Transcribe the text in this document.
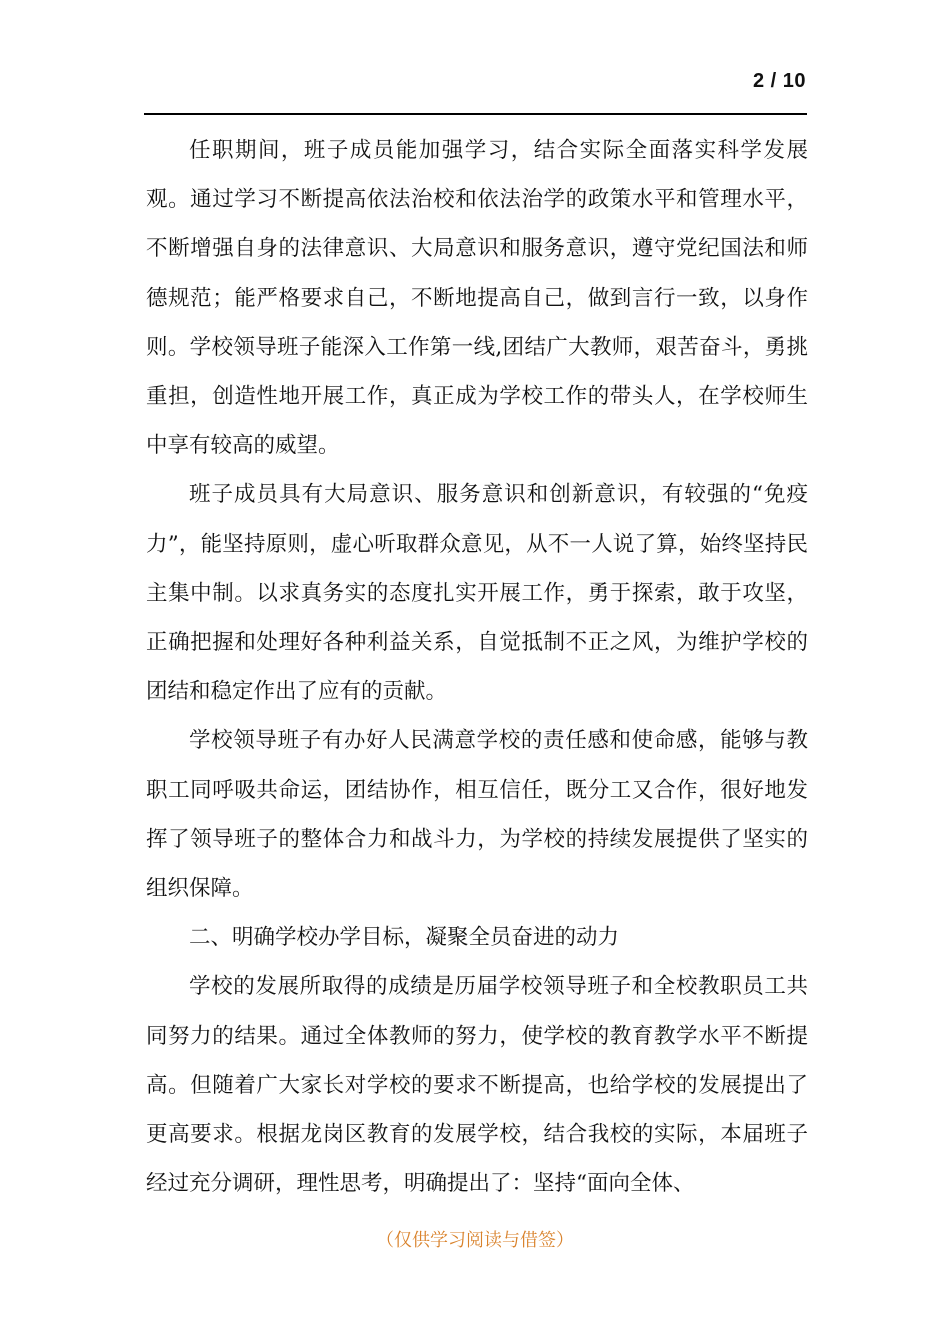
2 / 10

任职期间，班子成员能加强学习，结合实际全面落实科学发展观。通过学习不断提高依法治校和依法治学的政策水平和管理水平，不断增强自身的法律意识、大局意识和服务意识，遵守党纪国法和师德规范；能严格要求自己，不断地提高自己，做到言行一致，以身作则。学校领导班子能深入工作第一线,团结广大教师，艰苦奋斗，勇挑重担，创造性地开展工作，真正成为学校工作的带头人，在学校师生中享有较高的威望。

班子成员具有大局意识、服务意识和创新意识，有较强的“免疫力”，能坚持原则，虚心听取群众意见，从不一人说了算，始终坚持民主集中制。以求真务实的态度扎实开展工作，勇于探索，敢于攻坚，正确把握和处理好各种利益关系，自觉抵制不正之风，为维护学校的团结和稳定作出了应有的贡献。

学校领导班子有办好人民满意学校的责任感和使命感，能够与教职工同呼吸共命运，团结协作，相互信任，既分工又合作，很好地发挥了领导班子的整体合力和战斗力，为学校的持续发展提供了坚实的组织保障。

二、明确学校办学目标，凝聚全员奋进的动力

学校的发展所取得的成绩是历届学校领导班子和全校教职员工共同努力的结果。通过全体教师的努力，使学校的教育教学水平不断提高。但随着广大家长对学校的要求不断提高，也给学校的发展提出了更高要求。根据龙岗区教育的发展学校，结合我校的实际，本届班子经过充分调研，理性思考，明确提出了：坚持“面向全体、

（仅供学习阅读与借签）
